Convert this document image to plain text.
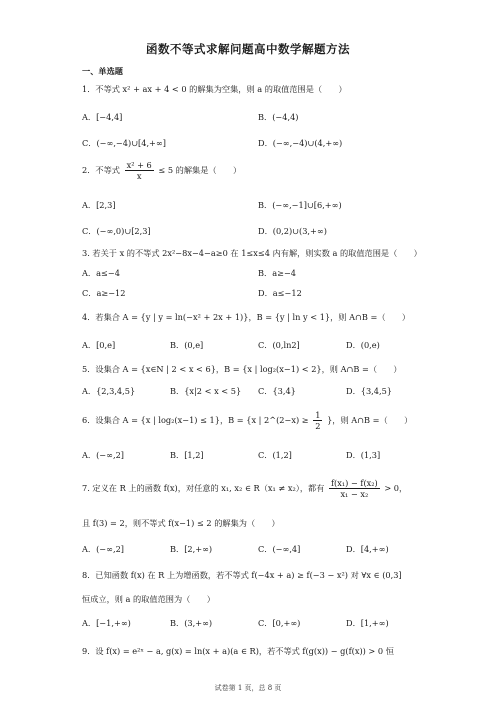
函数不等式求解问题高中数学解题方法
一、单选题
1．不等式 x² + ax + 4 < 0 的解集为空集，则 a 的取值范围是（　　）
A．[−4,4]	B．(−4,4)
C．(−∞,−4)∪[4,+∞]	D．(−∞,−4)∪(4,+∞)
2．不等式 $\frac{\text{x² + 6}}{x} \le 5$ 的解集是（　　）
A．[2,3]	B．(−∞,−1]∪[6,+∞)
C．(−∞,0)∪[2,3]	D．(0,2)∪(3,+∞)
3. 若关于 x 的不等式 2x²−8x−4−a≥0 在 1≤x≤4 内有解，则实数 a 的取值范围是（　　）
A．a≤−4	B．a≥−4
C．a≥−12	D．a≤−12
4．若集合 A = {y | y = ln(−x² + 2x + 1)}，B = {y | ln y < 1}，则 A∩B =（　　）
A．[0,e]	B．(0,e]	C．(0,ln2]	D．(0,e)
5．设集合 A = {x∈N | 2 < x < 6}，B = {x | log₂(x−1) < 2}，则 A∩B =（　　）
A．{2,3,4,5}	B．{x|2 < x < 5} C．{3,4}	D．{3,4,5}
6．设集合 A = {x | log₂(x−1) ≤ 1}，B = {x | 2^(2−x) ≥ $\frac{1}{2}$ }，则 A∩B =（　　）
A．(−∞,2]	B．[1,2]	C．(1,2]	D．(1,3]
7. 定义在 R 上的函数 f(x)，对任意的 x₁, x₂ ∈ R（x₁ ≠ x₂），都有 $\frac{\text{f(x₁) − f(x₂)}}{\text{x₁ − x₂}} > 0$，
且 f(3) = 2，则不等式 f(x−1) ≤ 2 的解集为（　　）
A．(−∞,2]	B．[2,+∞)	C．(−∞,4]	D．[4,+∞)
8．已知函数 f(x) 在 R 上为增函数，若不等式 f(−4x + a) ≥ f(−3 − x²) 对 ∀x ∈ (0,3]
恒成立，则 a 的取值范围为（　　）
A．[−1,+∞)	B．(3,+∞)	C．[0,+∞)	D．[1,+∞)
9．设 f(x) = e²ˣ − a, g(x) = ln(x + a)(a ∈ R)，若不等式 f(g(x)) − g(f(x)) > 0 恒
试卷第 1 页，总 8 页
